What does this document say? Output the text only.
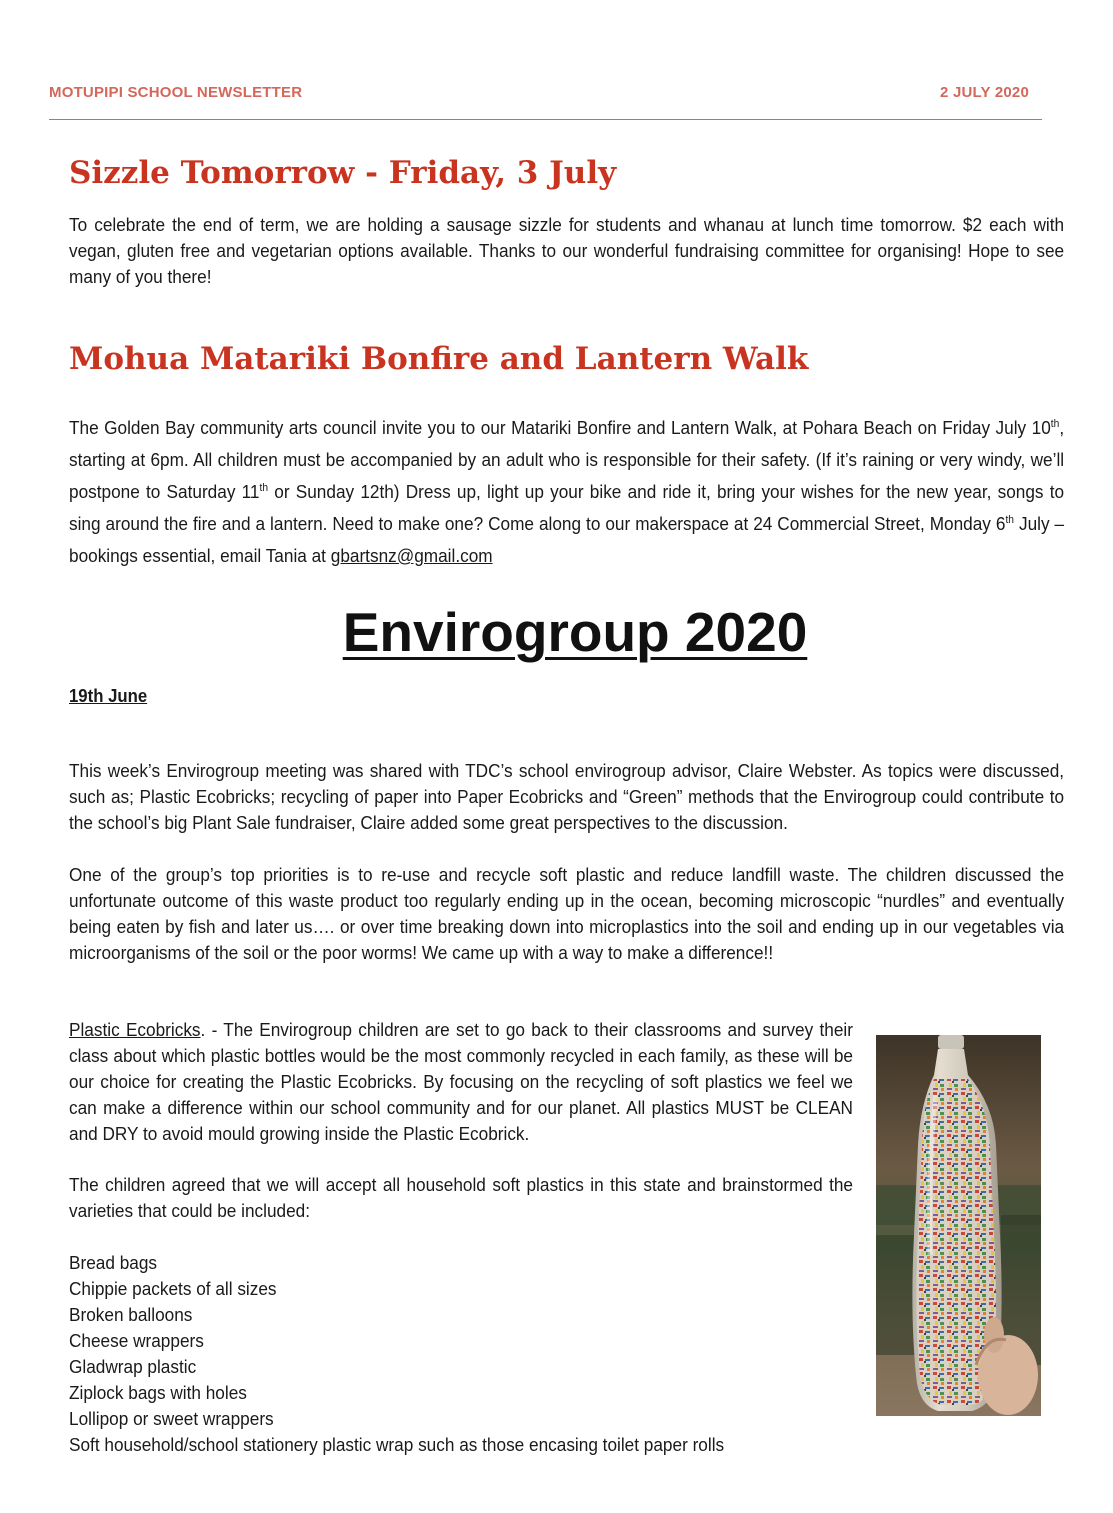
MOTUPIPI SCHOOL NEWSLETTER	2 JULY 2020
Sizzle Tomorrow - Friday, 3 July

To celebrate the end of term, we are holding a sausage sizzle for students and whanau at lunch time tomorrow. $2 each with vegan, gluten free and vegetarian options available. Thanks to our wonderful fundraising committee for organising! Hope to see many of you there!

Mohua Matariki Bonfire and Lantern Walk

The Golden Bay community arts council invite you to our Matariki Bonfire and Lantern Walk, at Pohara Beach on Friday July 10th, starting at 6pm. All children must be accompanied by an adult who is responsible for their safety. (If it’s raining or very windy, we’ll postpone to Saturday 11th or Sunday 12th) Dress up, light up your bike and ride it, bring your wishes for the new year, songs to sing around the fire and a lantern. Need to make one? Come along to our makerspace at 24 Commercial Street, Monday 6th July – bookings essential, email Tania at gbartsnz@gmail.com

Envirogroup 2020

19th June

This week’s Envirogroup meeting was shared with TDC’s school envirogroup advisor, Claire Webster. As topics were discussed, such as; Plastic Ecobricks; recycling of paper into Paper Ecobricks and “Green” methods that the Envirogroup could contribute to the school’s big Plant Sale fundraiser, Claire added some great perspectives to the discussion.

One of the group’s top priorities is to re-use and recycle soft plastic and reduce landfill waste. The children discussed the unfortunate outcome of this waste product too regularly ending up in the ocean, becoming microscopic “nurdles” and eventually being eaten by fish and later us…. or over time breaking down into microplastics into the soil and ending up in our vegetables via microorganisms of the soil or the poor worms! We came up with a way to make a difference!!

Plastic Ecobricks. - The Envirogroup children are set to go back to their classrooms and survey their class about which plastic bottles would be the most commonly recycled in each family, as these will be our choice for creating the Plastic Ecobricks. By focusing on the recycling of soft plastics we feel we can make a difference within our school community and for our planet. All plastics MUST be CLEAN and DRY to avoid mould growing inside the Plastic Ecobrick.

The children agreed that we will accept all household soft plastics in this state and brainstormed the varieties that could be included:

Bread bags
Chippie packets of all sizes
Broken balloons
Cheese wrappers
Gladwrap plastic
Ziplock bags with holes
Lollipop or sweet wrappers
Soft household/school stationery plastic wrap such as those encasing toilet paper rolls
